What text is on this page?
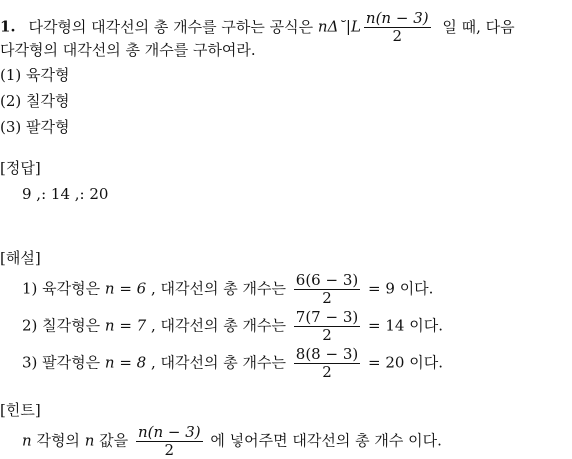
1. 다각형의 대각선의 총 개수를 구하는 공식은 nΔ˘|L $\frac{n(n - 3)}{2}$ 일 때, 다음
다각형의 대각선의 총 개수를 구하여라.
(1) 육각형
(2) 칠각형
(3) 팔각형
[정답]
9 ,: 14 ,: 20
[해설]
1) 육각형은 n = 6 , 대각선의 총 개수는 $\frac{6(6 - 3)}{2} = 9$ 이다.
2) 칠각형은 n = 7 , 대각선의 총 개수는 $\frac{7(7 - 3)}{2} = 14$ 이다.
3) 팔각형은 n = 8 , 대각선의 총 개수는 $\frac{8(8 - 3)}{2} = 20$ 이다.
[힌트]
n 각형의 n 값을 $\frac{n(n - 3)}{2}$ 에 넣어주면 대각선의 총 개수 이다.
